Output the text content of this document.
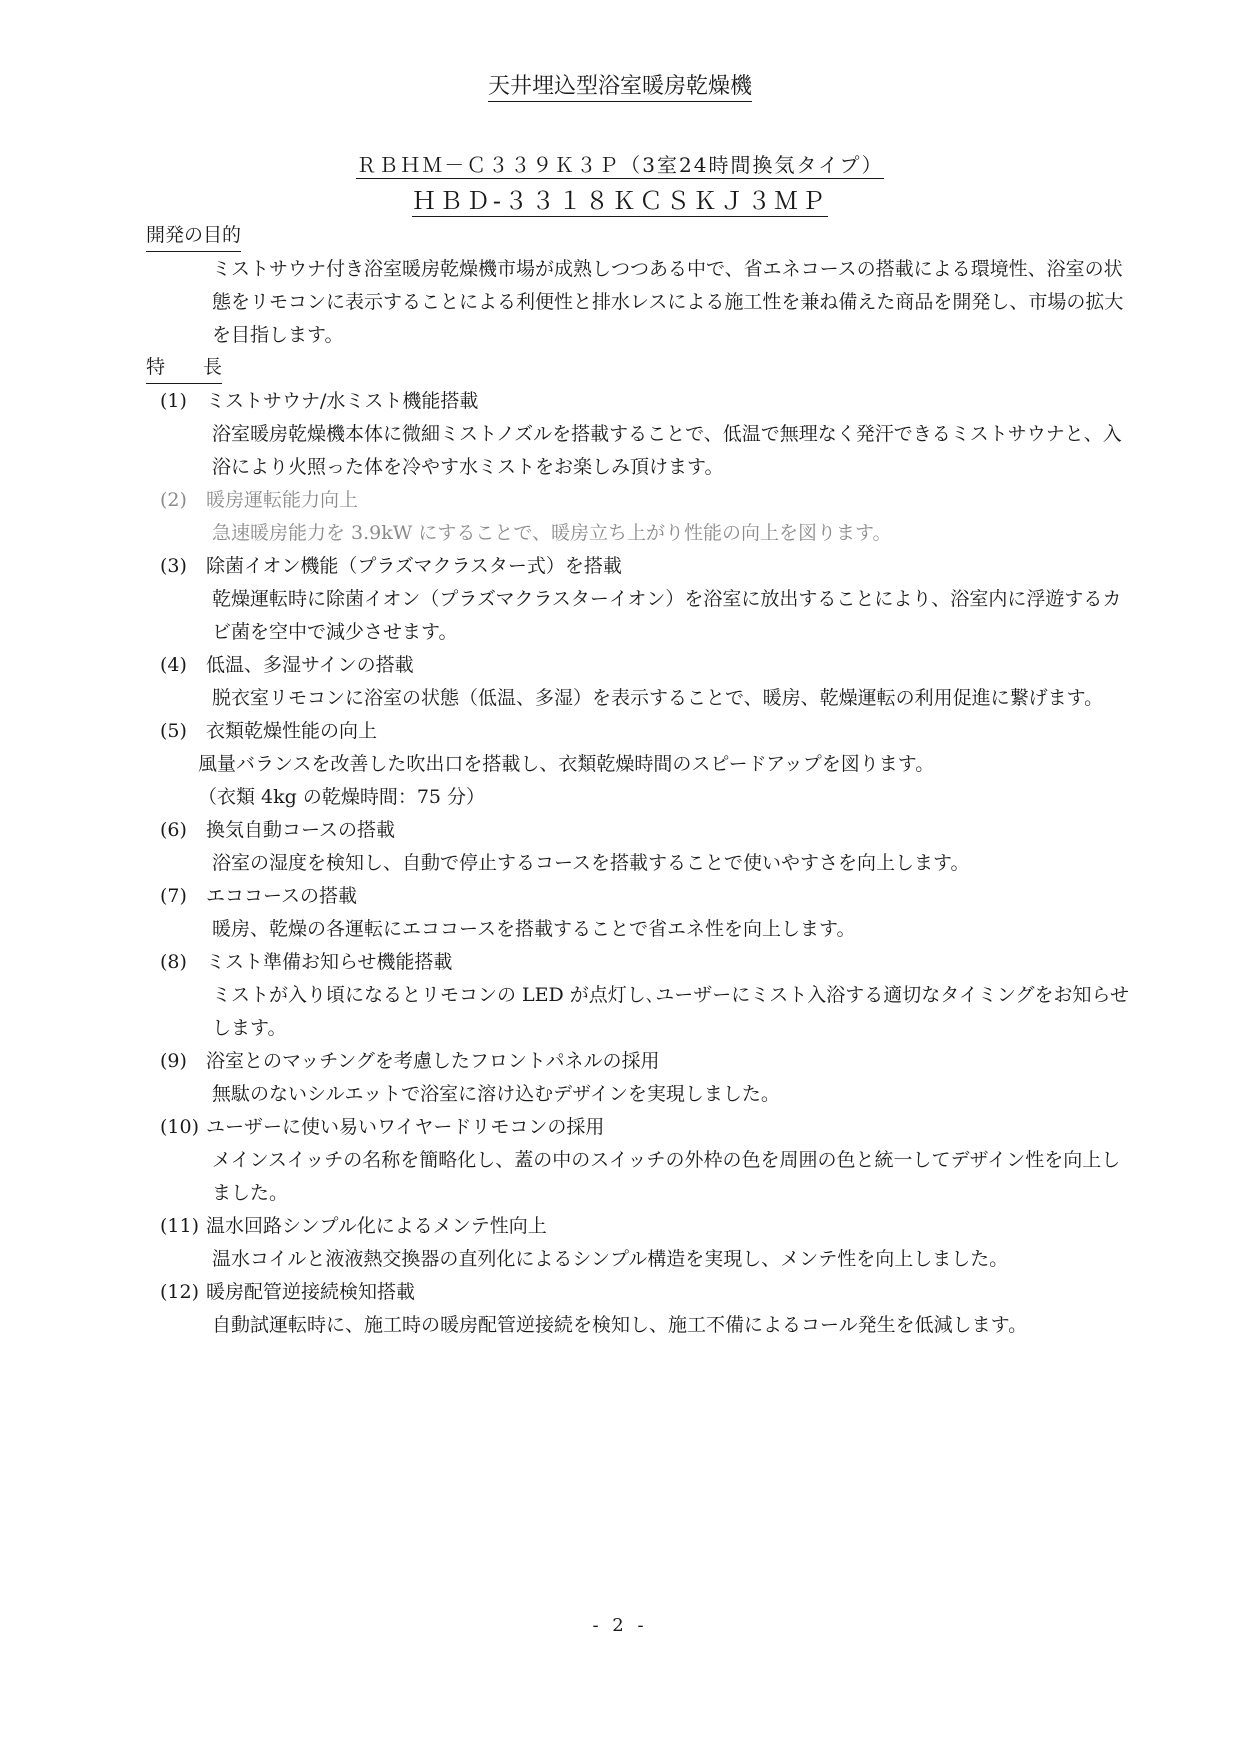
天井埋込型浴室暖房乾燥機
ＲＢＨＭ－Ｃ３３９Ｋ３Ｐ（3室24時間換気タイプ）
ＨＢＤ-３３１８ＫＣＳＫＪ３ＭＰ
開発の目的

ミストサウナ付き浴室暖房乾燥機市場が成熟しつつある中で、省エネコースの搭載による環境性、浴室の状態をリモコンに表示することによる利便性と排水レスによる施工性を兼ね備えた商品を開発し、市場の拡大を目指します。

特　　長
(1) ミストサウナ/水ミスト機能搭載

浴室暖房乾燥機本体に微細ミストノズルを搭載することで、低温で無理なく発汗できるミストサウナと、入浴により火照った体を冷やす水ミストをお楽しみ頂けます。

(2) 暖房運転能力向上

急速暖房能力を 3.9kW にすることで、暖房立ち上がり性能の向上を図ります。

(3) 除菌イオン機能（プラズマクラスター式）を搭載

乾燥運転時に除菌イオン（プラズマクラスターイオン）を浴室に放出することにより、浴室内に浮遊するカビ菌を空中で減少させます。

(4) 低温、多湿サインの搭載

脱衣室リモコンに浴室の状態（低温、多湿）を表示することで、暖房、乾燥運転の利用促進に繋げます。

(5) 衣類乾燥性能の向上

風量バランスを改善した吹出口を搭載し、衣類乾燥時間のスピードアップを図ります。

（衣類 4kg の乾燥時間：75 分）

(6) 換気自動コースの搭載

浴室の湿度を検知し、自動で停止するコースを搭載することで使いやすさを向上します。

(7) エココースの搭載

暖房、乾燥の各運転にエココースを搭載することで省エネ性を向上します。

(8) ミスト準備お知らせ機能搭載

ミストが入り頃になるとリモコンの LED が点灯し､ユーザーにミスト入浴する適切なタイミングをお知らせします。

(9) 浴室とのマッチングを考慮したフロントパネルの採用

無駄のないシルエットで浴室に溶け込むデザインを実現しました。

(10) ユーザーに使い易いワイヤードリモコンの採用

メインスイッチの名称を簡略化し、蓋の中のスイッチの外枠の色を周囲の色と統一してデザイン性を向上しました。

(11) 温水回路シンプル化によるメンテ性向上

温水コイルと液液熱交換器の直列化によるシンプル構造を実現し、メンテ性を向上しました。

(12) 暖房配管逆接続検知搭載

自動試運転時に、施工時の暖房配管逆接続を検知し、施工不備によるコール発生を低減します。

- 2 -
